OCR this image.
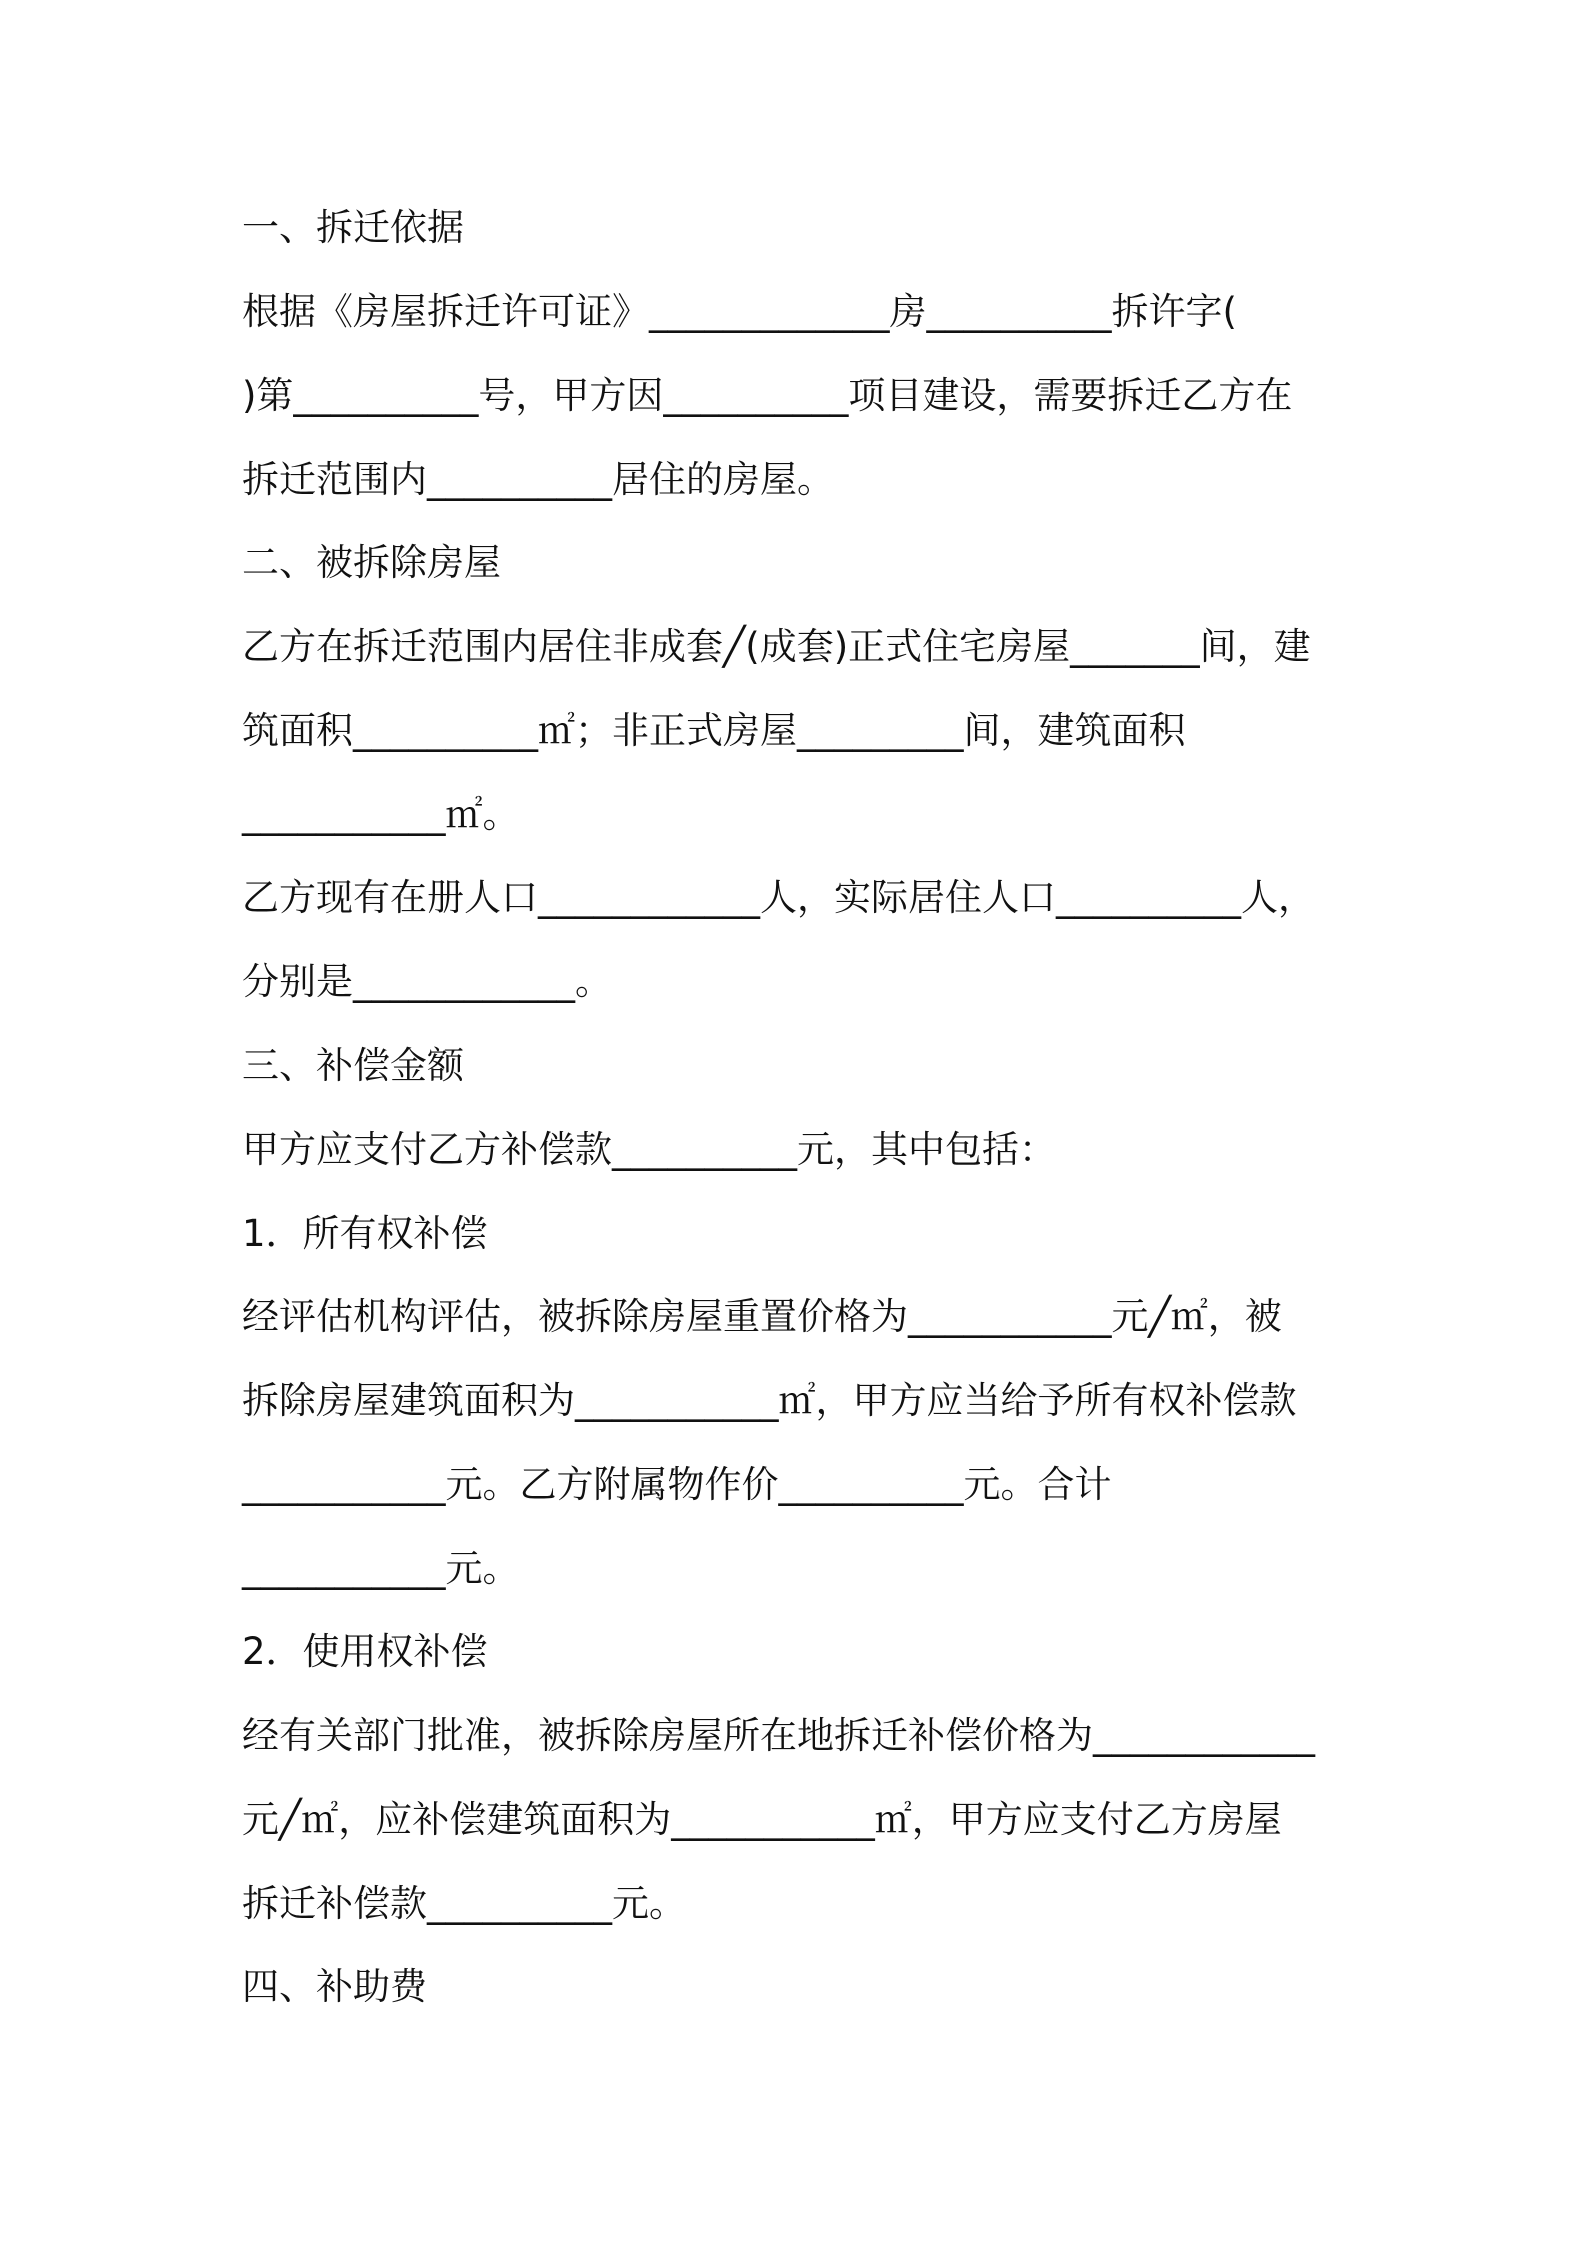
一、拆迁依据
根据《房屋拆迁许可证》_____________房__________拆许字(
)第__________号，甲方因__________项目建设，需要拆迁乙方在
拆迁范围内__________居住的房屋。
二、被拆除房屋
乙方在拆迁范围内居住非成套╱(成套)正式住宅房屋_______间，建
筑面积__________㎡；非正式房屋_________间，建筑面积
___________㎡。
乙方现有在册人口____________人，实际居住人口__________人，
分别是____________。
三、补偿金额
甲方应支付乙方补偿款__________元，其中包括：
1．所有权补偿
经评估机构评估，被拆除房屋重置价格为___________元╱㎡，被
拆除房屋建筑面积为___________㎡，甲方应当给予所有权补偿款
___________元。乙方附属物作价__________元。合计
___________元。
2．使用权补偿
经有关部门批准，被拆除房屋所在地拆迁补偿价格为____________
元╱㎡，应补偿建筑面积为___________㎡，甲方应支付乙方房屋
拆迁补偿款__________元。
四、补助费
